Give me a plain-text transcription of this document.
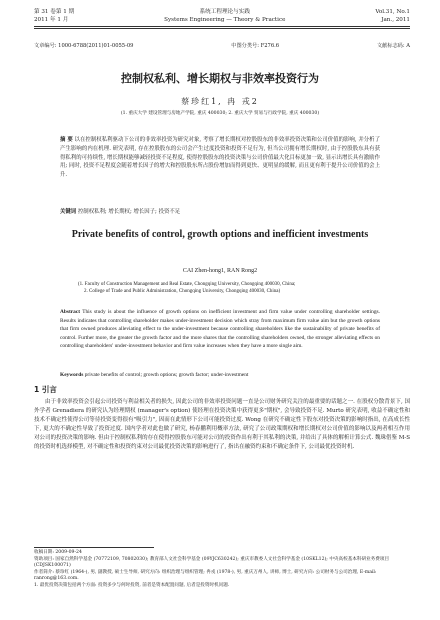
第 31 卷第 1 期	系统工程理论与实践	Vol.31, No.1
2011 年 1 月	Systems Engineering — Theory & Practice	Jan., 2011
文章编号: 1000-6788(2011)01-0055-09	中图分类号: F276.6	文献标志码: A
控制权私利、增长期权与非效率投资行为
蔡珍红1, 冉 戎2
(1. 重庆大学 建设管理与房地产学院, 重庆 400030; 2. 重庆大学 贸易与行政学院, 重庆 400030)
摘 要 以在控制权私利驱动下公司的非效率投资为研究对象, 考察了增长期权对控股股东的非效率投资决策和公司价值的影响, 并分析了产生影响的内在机理. 研究表明, 存在控股股东的公司会产生过度投资和投资不足行为, 但当公司拥有增长期权时, 由于控股股东具有获得私利的可持续性, 增长期权能够减轻投资不足程度, 使得控股股东的投资决策与公司价值最大化目标更加一致, 显示出增长具有激励作用; 同时, 投资不足程度会随着增长因子的增大和控股股东所占股份增加而得到更快、更明显的缓解, 而且更有利于提升公司价值的会上升.
关键词 控制权私利; 增长期权; 增长因子; 投资不足
Private benefits of control, growth options and inefficient investments
CAI Zhen-hong1, RAN Rong2
(1. Faculty of Construction Management and Real Estate, Chongqing University, Chongqing 400030, China;
2. College of Trade and Public Administration, Chongqing University, Chongqing 400030, China)
Abstract This study is about the influence of growth options on inefficient investment and firm value under controlling shareholder settings. Results indicates that controlling shareholder makes under-investment decision which stray from maximum firm value aim but the growth options that firm owned produces alleviating effect to the under-investment because controlling shareholders like the sustainability of private benefits of control. Further more, the greater the growth factor and the more shares that the controlling shareholders owned, the stronger alleviating effects on controlling shareholders' under-investment behavior and firm value increases when they have a more single aim.
Keywords private benefits of control; growth options; growth factor; under-investment
1 引言
由于非效率投资会引起公司投资与利益相关者的损失, 因此公司的非效率投资问题一直是公司财务研究关注的最重要的话题之一. 在股权分散背景下, 国外学者 Grenadiera 的研究认为经理期权 (manager's option) 使经理在投资决策中获得更多"期权", 会导致投资不足. Murto 研究表明, 收益不确定性和技术不确定性使得公司等待投资变得很有"吸引力", 因而在此情形下公司可能投资过度. Wong 在研究不确定性下股东对投资决策的影响时指出, 在高成长性下, 更大的不确定性导致了投资过度. 国内学者对此也做了研究, 杨春鹏利用概率方法, 研究了公司政策期权和增长期权对公司价值的影响以及两者相互作用对公司的投资决策的影响. 但由于控制权私利的存在使得控股股东可能对公司的投资作出有利于其私利的决策, 并给出了具体的解析计算公式. 魏珠借鉴 M-S 的投资时机选择模型, 对不确定性和投资约束对公司最优投资决策的影响进行了, 指出在融资约束和不确定条件下, 公司最优投资时机.
收稿日期: 2009-09-24
资助项目: 国家自然科学基金 (70772109, 70802030); 教育部人文社会科学基金 (09YJC630242); 重庆市教委人文社会科学基金 (10SKL12); 中央高校基本科研业务费项目 (CDJSK100071)
作者简介: 蔡珍红 (1964-), 男, 副教授, 硕士生导师, 研究方向: 组织治理与组织管理; 冉戎 (1978-), 男, 重庆万州人, 讲师, 博士, 研究方向: 公司财务与公司治理, E-mail: ranrong@163.com.
1. 最优投资决策包括两个方面: 投资多少与何时投资, 前者是资本配置问题, 后者是投资时机问题.
